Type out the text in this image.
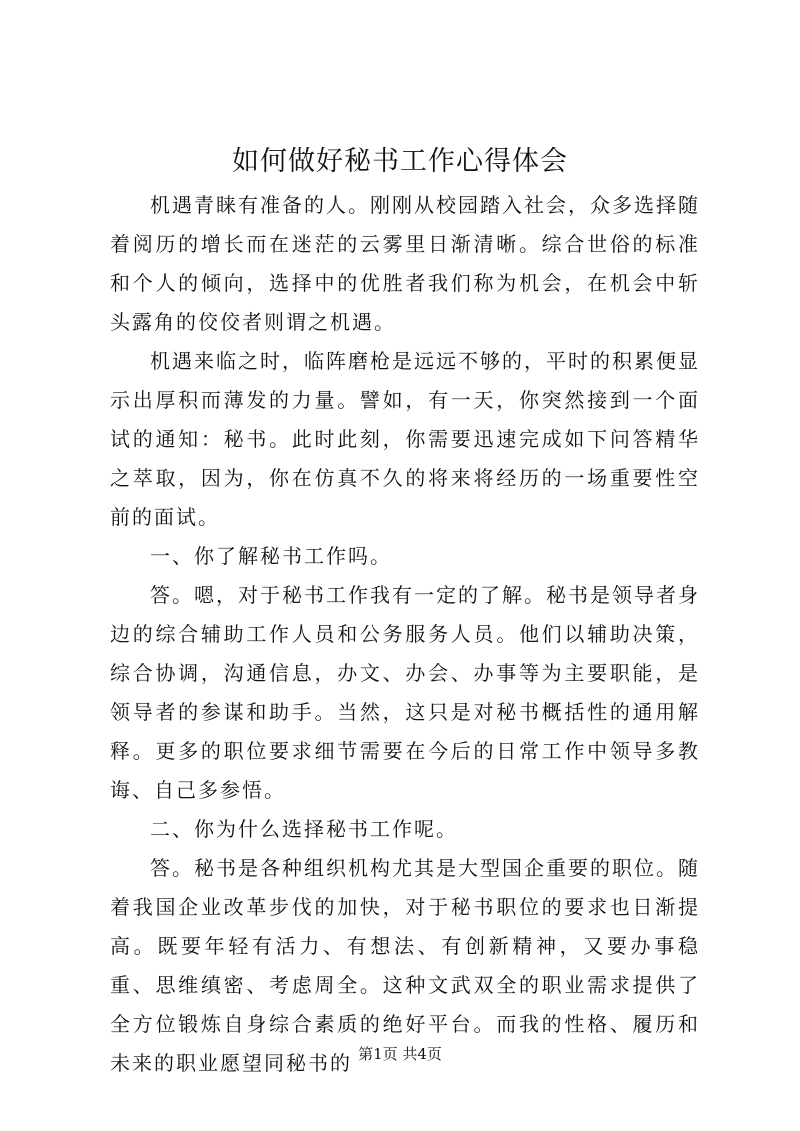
如何做好秘书工作心得体会

机遇青睐有准备的人。刚刚从校园踏入社会，众多选择随着阅历的增长而在迷茫的云雾里日渐清晰。综合世俗的标准和个人的倾向，选择中的优胜者我们称为机会，在机会中斩头露角的佼佼者则谓之机遇。

机遇来临之时，临阵磨枪是远远不够的，平时的积累便显示出厚积而薄发的力量。譬如，有一天，你突然接到一个面试的通知：秘书。此时此刻，你需要迅速完成如下问答精华之萃取，因为，你在仿真不久的将来将经历的一场重要性空前的面试。

一、你了解秘书工作吗。

答。嗯，对于秘书工作我有一定的了解。秘书是领导者身边的综合辅助工作人员和公务服务人员。他们以辅助决策，综合协调，沟通信息，办文、办会、办事等为主要职能，是领导者的参谋和助手。当然，这只是对秘书概括性的通用解释。更多的职位要求细节需要在今后的日常工作中领导多教诲、自己多参悟。

二、你为什么选择秘书工作呢。

答。秘书是各种组织机构尤其是大型国企重要的职位。随着我国企业改革步伐的加快，对于秘书职位的要求也日渐提高。既要年轻有活力、有想法、有创新精神，又要办事稳重、思维缜密、考虑周全。这种文武双全的职业需求提供了全方位锻炼自身综合素质的绝好平台。而我的性格、履历和未来的职业愿望同秘书的 第1页 共4页
